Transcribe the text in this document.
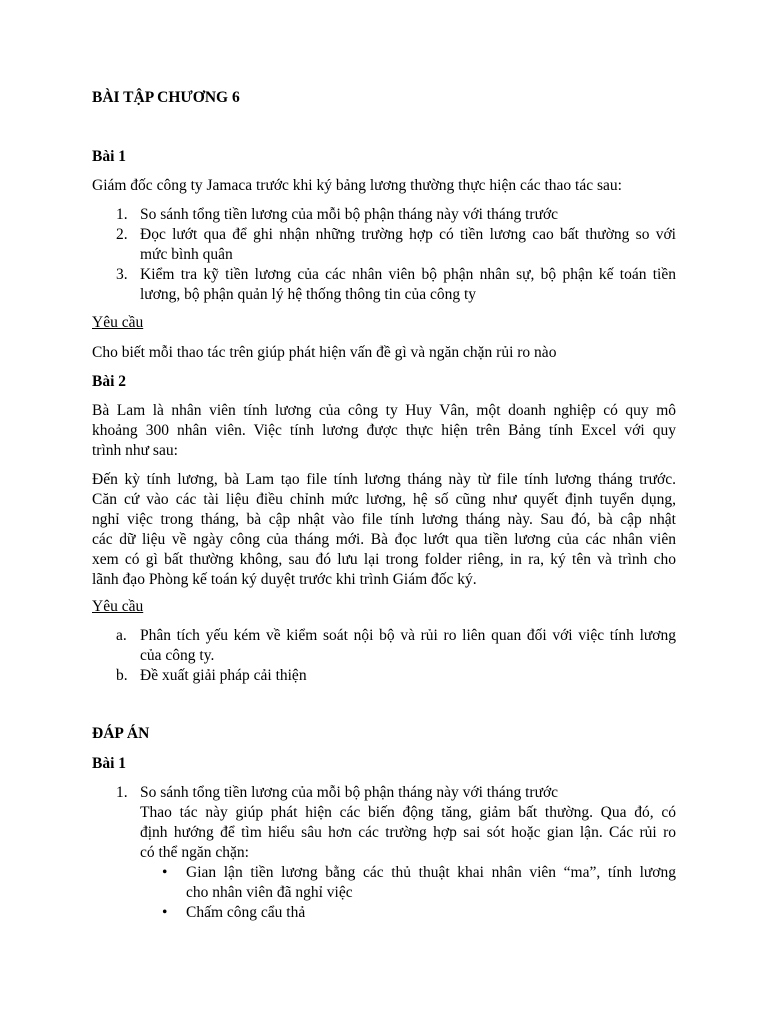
BÀI TẬP CHƯƠNG 6
Bài 1
Giám đốc công ty Jamaca trước khi ký bảng lương thường thực hiện các thao tác sau:
1. So sánh tổng tiền lương của mỗi bộ phận tháng này với tháng trước
2. Đọc lướt qua để ghi nhận những trường hợp có tiền lương cao bất thường so với
mức bình quân
3. Kiểm tra kỹ tiền lương của các nhân viên bộ phận nhân sự, bộ phận kế toán tiền
lương, bộ phận quản lý hệ thống thông tin của công ty
Yêu cầu
Cho biết mỗi thao tác trên giúp phát hiện vấn đề gì và ngăn chặn rủi ro nào
Bài 2
Bà Lam là nhân viên tính lương của công ty Huy Vân, một doanh nghiệp có quy mô
khoảng 300 nhân viên. Việc tính lương được thực hiện trên Bảng tính Excel với quy
trình như sau:
Đến kỳ tính lương, bà Lam tạo file tính lương tháng này từ file tính lương tháng trước.
Căn cứ vào các tài liệu điều chỉnh mức lương, hệ số cũng như quyết định tuyển dụng,
nghỉ việc trong tháng, bà cập nhật vào file tính lương tháng này. Sau đó, bà cập nhật
các dữ liệu về ngày công của tháng mới. Bà đọc lướt qua tiền lương của các nhân viên
xem có gì bất thường không, sau đó lưu lại trong folder riêng, in ra, ký tên và trình cho
lãnh đạo Phòng kế toán ký duyệt trước khi trình Giám đốc ký.
Yêu cầu
a. Phân tích yếu kém về kiểm soát nội bộ và rủi ro liên quan đối với việc tính lương
của công ty.
b. Đề xuất giải pháp cải thiện
ĐÁP ÁN
Bài 1
1. So sánh tổng tiền lương của mỗi bộ phận tháng này với tháng trước
Thao tác này giúp phát hiện các biến động tăng, giảm bất thường. Qua đó, có
định hướng để tìm hiểu sâu hơn các trường hợp sai sót hoặc gian lận. Các rủi ro
có thể ngăn chặn:
• Gian lận tiền lương bằng các thủ thuật khai nhân viên “ma”, tính lương
cho nhân viên đã nghỉ việc
• Chấm công cẩu thả
